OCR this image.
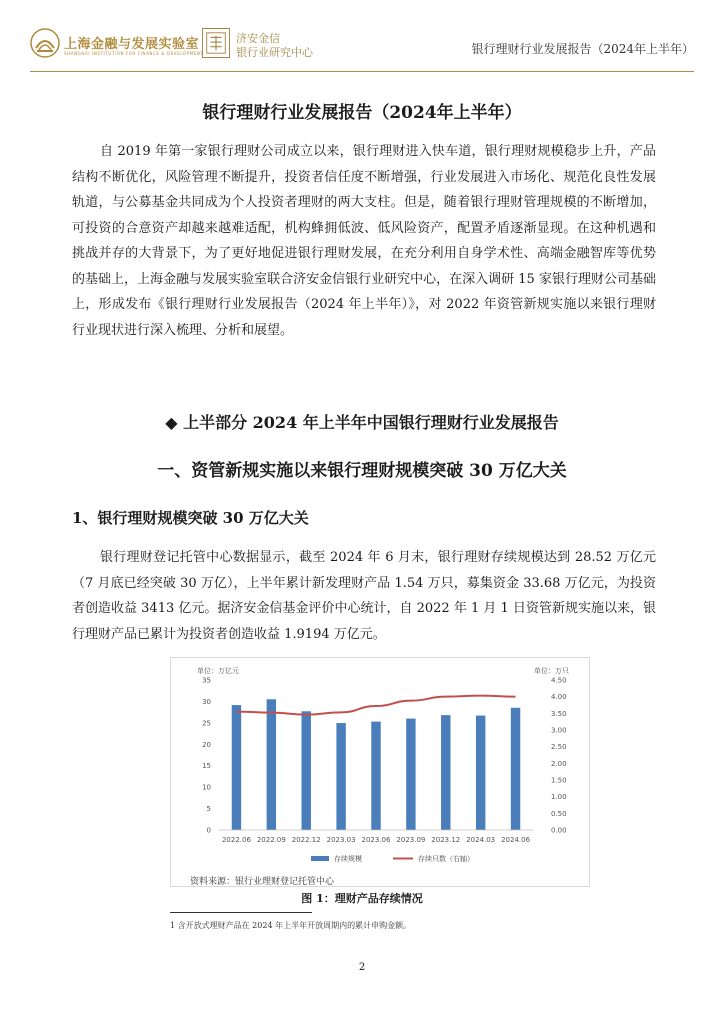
上海金融与发展实验室
SHANGHAI INSTITUTION FOR FINANCE & DEVELOPMENT
济安金信
银行业研究中心	银行理财行业发展报告（2024年上半年）
银行理财行业发展报告（2024年上半年）

自 2019 年第一家银行理财公司成立以来，银行理财进入快车道，银行理财规模稳步上升，产品结构不断优化，风险管理不断提升，投资者信任度不断增强，行业发展进入市场化、规范化良性发展轨道，与公募基金共同成为个人投资者理财的两大支柱。但是，随着银行理财管理规模的不断增加，可投资的合意资产却越来越难适配，机构蜂拥低波、低风险资产，配置矛盾逐渐显现。在这种机遇和挑战并存的大背景下，为了更好地促进银行理财发展，在充分利用自身学术性、高端金融智库等优势的基础上，上海金融与发展实验室联合济安金信银行业研究中心，在深入调研 15 家银行理财公司基础上，形成发布《银行理财行业发展报告（2024 年上半年）》，对 2022 年资管新规实施以来银行理财行业现状进行深入梳理、分析和展望。

◆ 上半部分 2024 年上半年中国银行理财行业发展报告
一、资管新规实施以来银行理财规模突破 30 万亿大关
1、银行理财规模突破 30 万亿大关

银行理财登记托管中心数据显示，截至 2024 年 6 月末，银行理财存续规模达到 28.52 万亿元（7 月底已经突破 30 万亿），上半年累计新发理财产品 1.54 万只，募集资金 33.68 万亿元，为投资者创造收益 3413 亿元。据济安金信基金评价中心统计，自 2022 年 1 月 1 日资管新规实施以来，银行理财产品已累计为投资者创造收益 1.9194 万亿元。

单位：万亿元	单位：万只
0
5
10
15
20
25
30
35
0.00
0.50
1.00
1.50
2.00
2.50
3.00
3.50
4.00
4.50
2022.06 2022.09 2022.12 2023.03 2023.06 2023.09 2023.12 2024.03 2024.06
存续规模	存续只数（右轴）
资料来源：银行业理财登记托管中心
图 1：理财产品存续情况
1 含开放式理财产品在 2024 年上半年开放周期内的累计申购金额。
2
